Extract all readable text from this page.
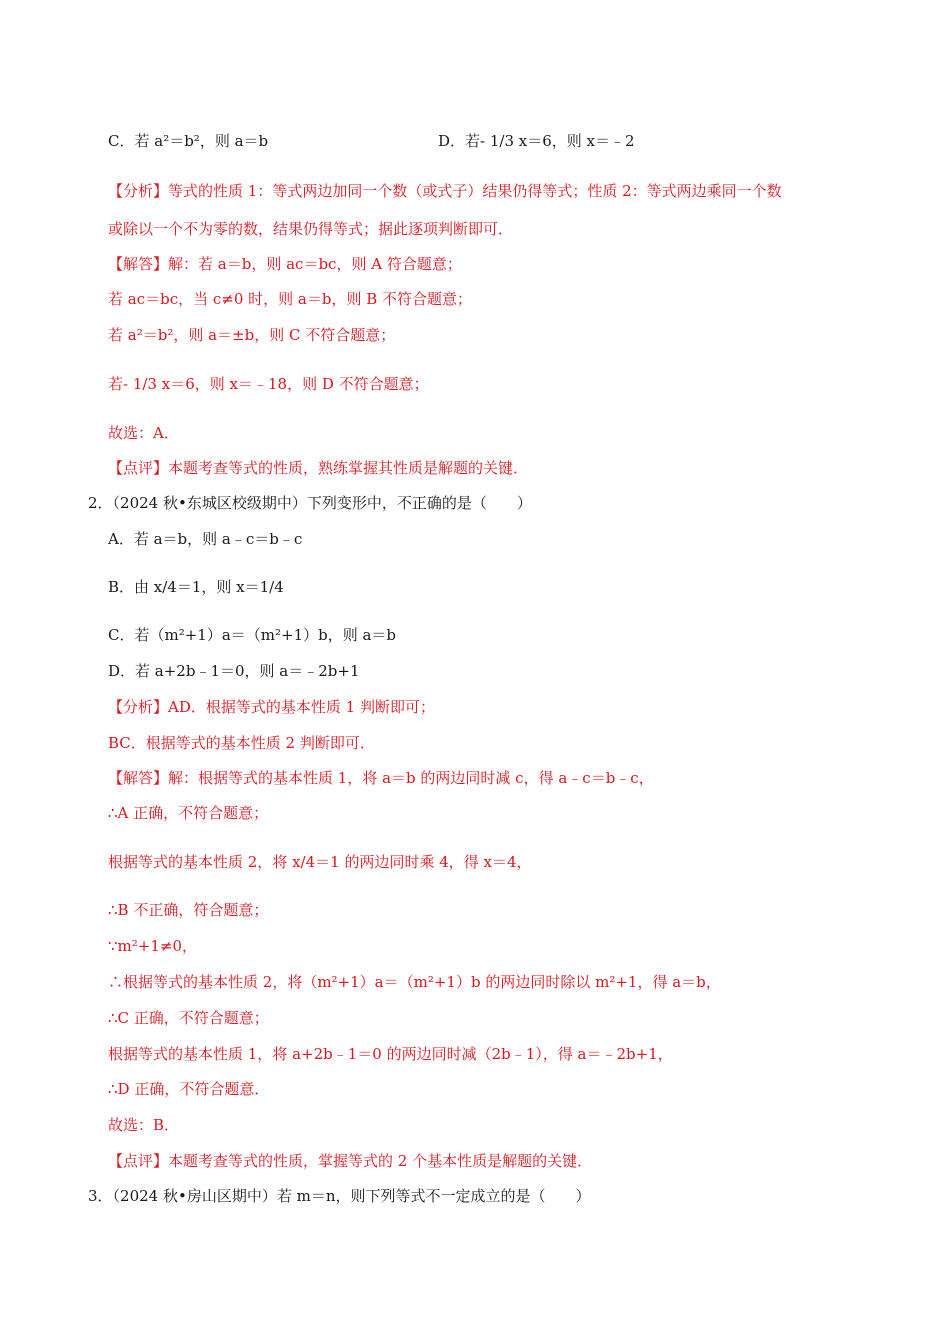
C．若 a²＝b²，则 a＝b	D．若- 1/3 x＝6，则 x＝﹣2
【分析】等式的性质 1：等式两边加同一个数（或式子）结果仍得等式；性质 2：等式两边乘同一个数
或除以一个不为零的数，结果仍得等式；据此逐项判断即可．
【解答】解：若 a＝b，则 ac＝bc，则 A 符合题意；
若 ac＝bc，当 c≠0 时，则 a＝b，则 B 不符合题意；
若 a²＝b²，则 a＝±b，则 C 不符合题意；
若- 1/3 x＝6，则 x＝﹣18，则 D 不符合题意；
故选：A．
【点评】本题考查等式的性质，熟练掌握其性质是解题的关键．
2．（2024 秋•东城区校级期中）下列变形中，不正确的是（　　）
A．若 a＝b，则 a﹣c＝b﹣c
B．由 x/4＝1，则 x＝1/4
C．若（m²+1）a＝（m²+1）b，则 a＝b
D．若 a+2b﹣1＝0，则 a＝﹣2b+1
【分析】AD．根据等式的基本性质 1 判断即可；
BC．根据等式的基本性质 2 判断即可．
【解答】解：根据等式的基本性质 1，将 a＝b 的两边同时减 c，得 a﹣c＝b﹣c，
∴A 正确，不符合题意；
根据等式的基本性质 2，将 x/4＝1 的两边同时乘 4，得 x＝4，
∴B 不正确，符合题意；
∵m²+1≠0，
∴根据等式的基本性质 2，将（m²+1）a＝（m²+1）b 的两边同时除以 m²+1，得 a＝b，
∴C 正确，不符合题意；
根据等式的基本性质 1，将 a+2b﹣1＝0 的两边同时减（2b﹣1），得 a＝﹣2b+1，
∴D 正确，不符合题意．
故选：B．
【点评】本题考查等式的性质，掌握等式的 2 个基本性质是解题的关键．
3．（2024 秋•房山区期中）若 m＝n，则下列等式不一定成立的是（　　）
